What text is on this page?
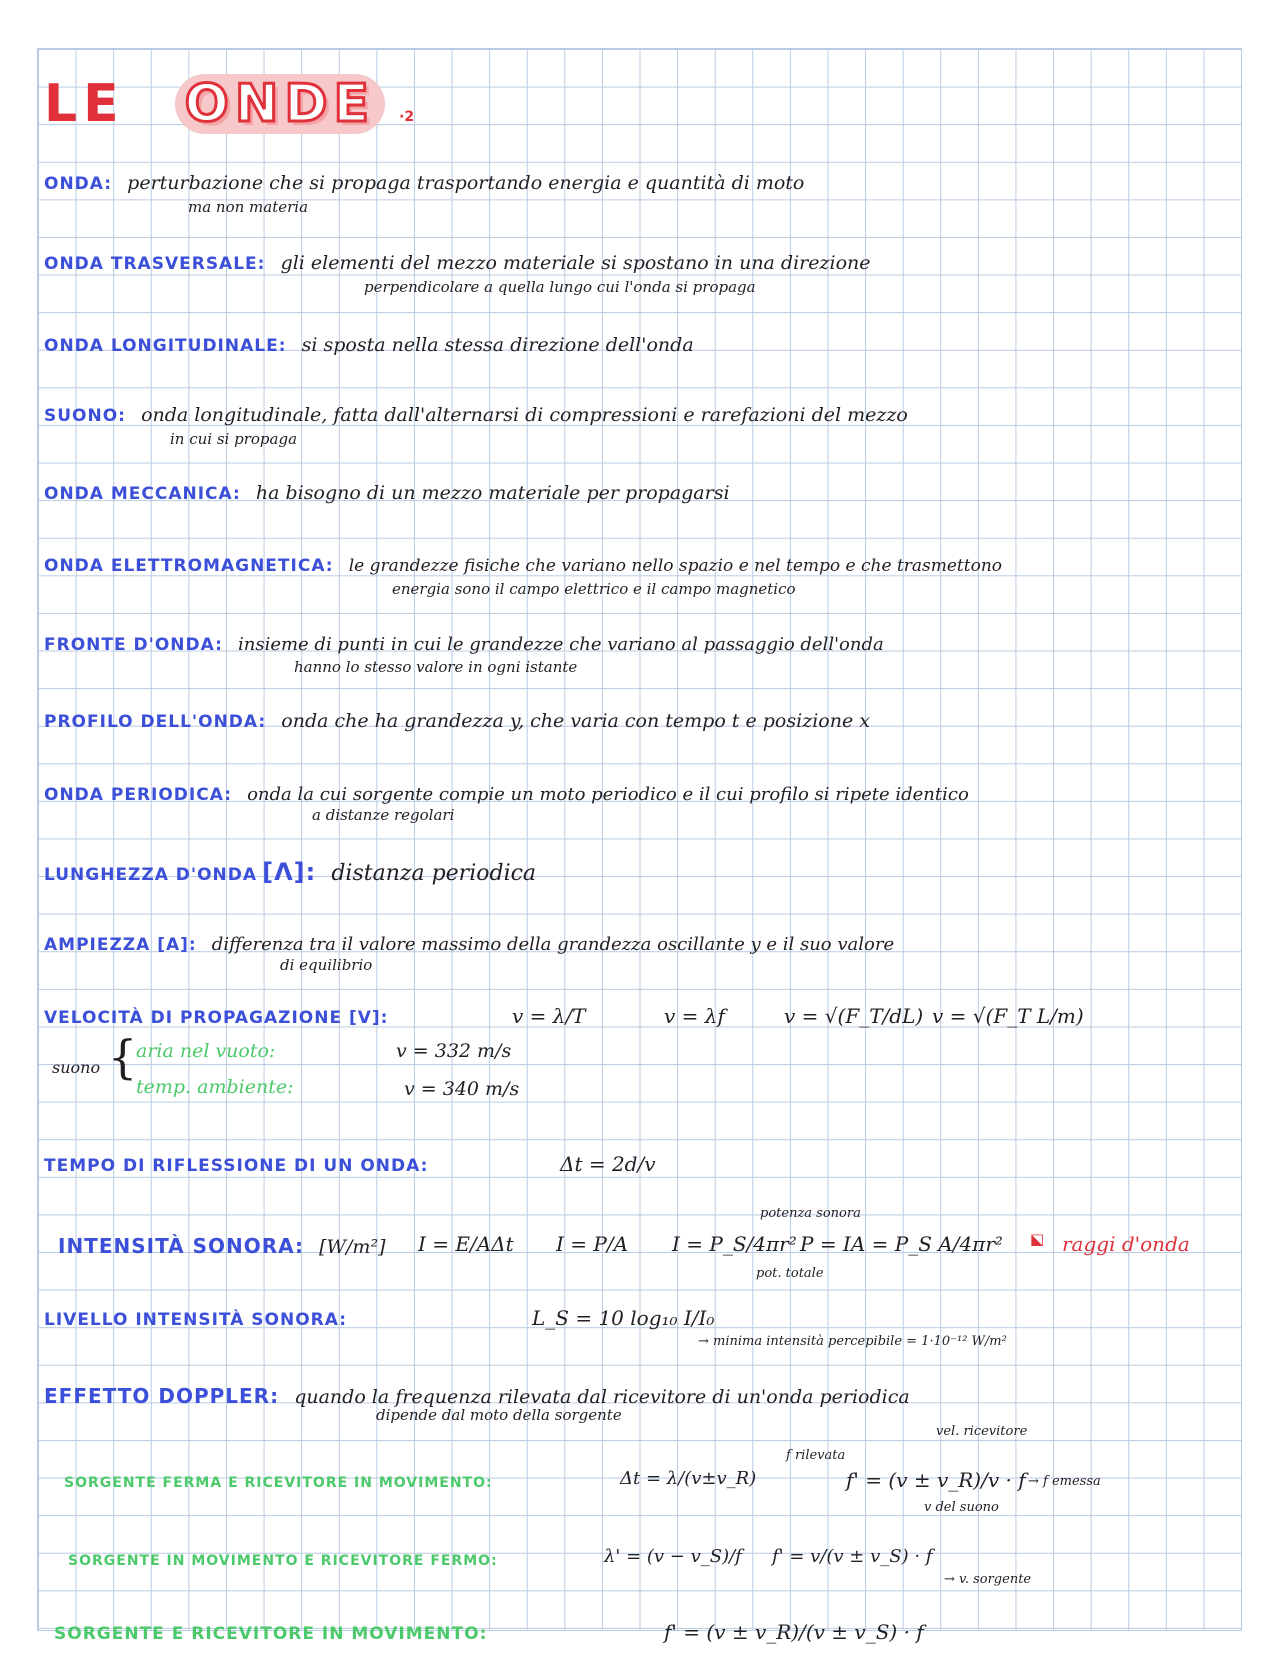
LE ONDE ·2
ONDA: perturbazione che si propaga trasportando energia e quantità di moto
ma non materia
ONDA TRASVERSALE: gli elementi del mezzo materiale si spostano in una direzione
perpendicolare a quella lungo cui l'onda si propaga
ONDA LONGITUDINALE: si sposta nella stessa direzione dell'onda
SUONO: onda longitudinale, fatta dall'alternarsi di compressioni e rarefazioni del mezzo
in cui si propaga
ONDA MECCANICA: ha bisogno di un mezzo materiale per propagarsi
ONDA ELETTROMAGNETICA: le grandezze fisiche che variano nello spazio e nel tempo e che trasmettono
energia sono il campo elettrico e il campo magnetico
FRONTE D'ONDA: insieme di punti in cui le grandezze che variano al passaggio dell'onda
hanno lo stesso valore in ogni istante
PROFILO DELL'ONDA: onda che ha grandezza y, che varia con tempo t e posizione x
ONDA PERIODICA: onda la cui sorgente compie un moto periodico e il cui profilo si ripete identico
a distanze regolari
LUNGHEZZA D'ONDA [Λ]: distanza periodica
AMPIEZZA [A]: differenza tra il valore massimo della grandezza oscillante y e il suo valore
di equilibrio
VELOCITÀ DI PROPAGAZIONE [V]:	v = λ/T	v = λf	v = √(F_T/dL) v = √(F_T L/m)
suono {
aria nel vuoto:	v = 332 m/s
temp. ambiente:	v = 340 m/s
TEMPO DI RIFLESSIONE DI UN ONDA:	Δt = 2d/v
INTENSITÀ SONORA: [W/m²] I = E/AΔt I = P/A I = P_S/4πr² P = IA = P_S A/4πr²
potenza sonora
pot. totale
⬕ raggi d'onda
LIVELLO INTENSITÀ SONORA:	L_S = 10 log₁₀ I/I₀
→ minima intensità percepibile = 1·10⁻¹² W/m²
EFFETTO DOPPLER: quando la frequenza rilevata dal ricevitore di un'onda periodica
dipende dal moto della sorgente
SORGENTE FERMA E RICEVITORE IN MOVIMENTO:	Δt = λ/(v±v_R)	f' = (v ± v_R)/v · f
f rilevata
vel. ricevitore
→ f emessa
v del suono
SORGENTE IN MOVIMENTO E RICEVITORE FERMO:	λ' = (v − v_S)/f f' = v/(v ± v_S) · f
→ v. sorgente
SORGENTE E RICEVITORE IN MOVIMENTO:	f' = (v ± v_R)/(v ± v_S) · f
